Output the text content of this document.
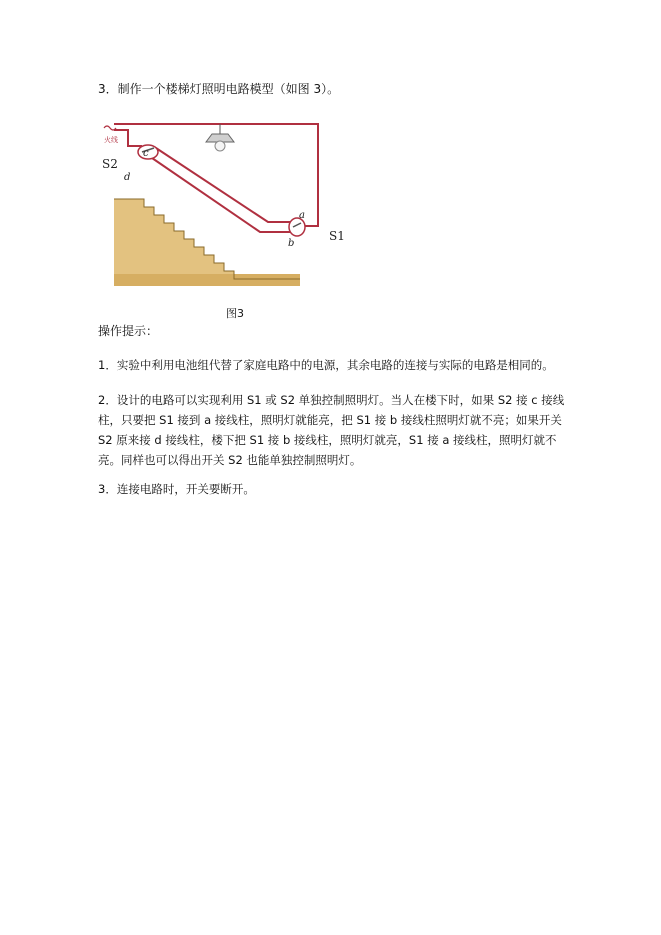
3．制作一个楼梯灯照明电路模型（如图 3）。
火线
S2
c
d
a
b
S1
图3
操作提示：
1．实验中利用电池组代替了家庭电路中的电源，其余电路的连接与实际的电路是相同的。
2．设计的电路可以实现利用 S1 或 S2 单独控制照明灯。当人在楼下时，如果 S2 接 c 接线柱，只要把 S1 接到 a 接线柱，照明灯就能亮，把 S1 接 b 接线柱照明灯就不亮；如果开关 S2 原来接 d 接线柱，楼下把 S1 接 b 接线柱，照明灯就亮，S1 接 a 接线柱，照明灯就不亮。同样也可以得出开关 S2 也能单独控制照明灯。
3．连接电路时，开关要断开。
